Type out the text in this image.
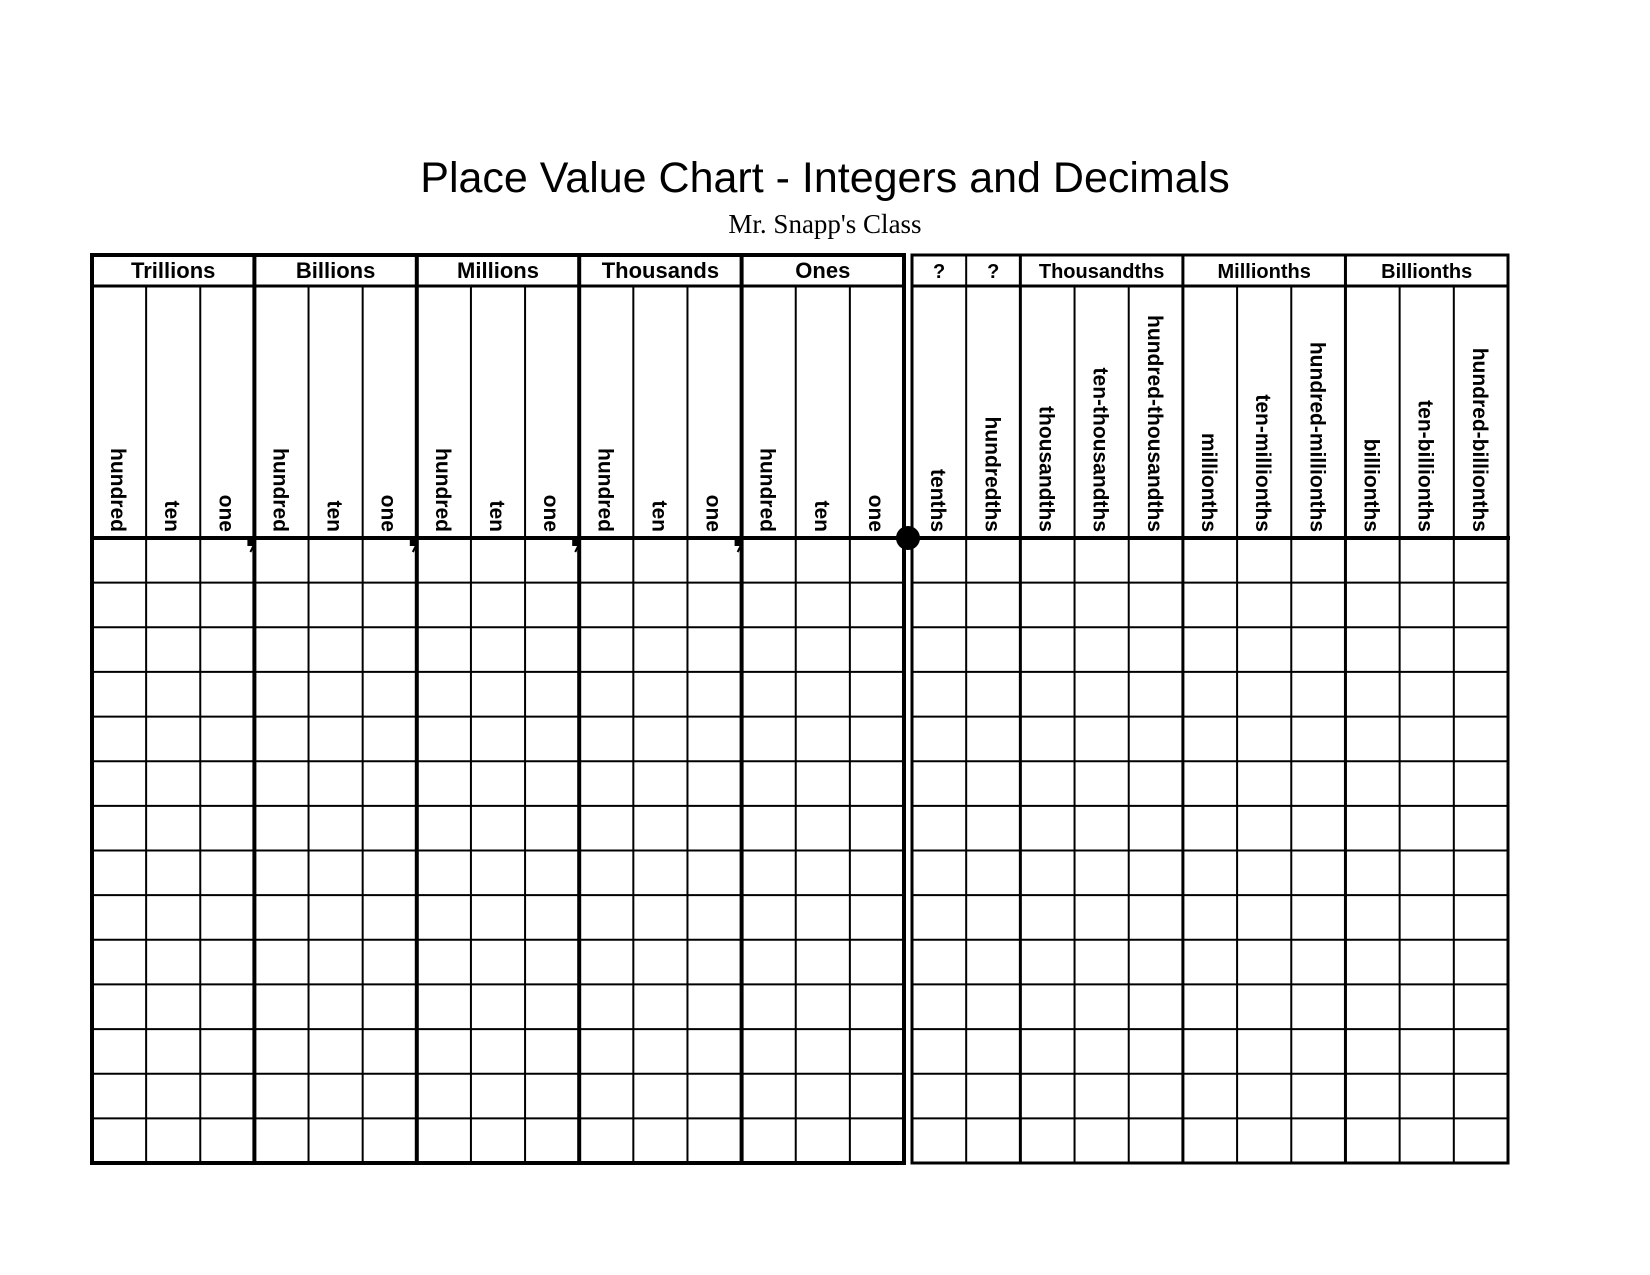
Place Value Chart - Integers and Decimals
Mr. Snapp's Class
Trillions	Billions	Millions	Thousands	Ones
hundred ten one hundred ten one hundred ten one hundred ten one hundred ten one
? ? Thousandths	Millionths	Billionths
tenths hundredths thousandths ten-thousandths hundred-thousandths millionths ten-millionths hundred-millionths billionths ten-billionths hundred-billionths
